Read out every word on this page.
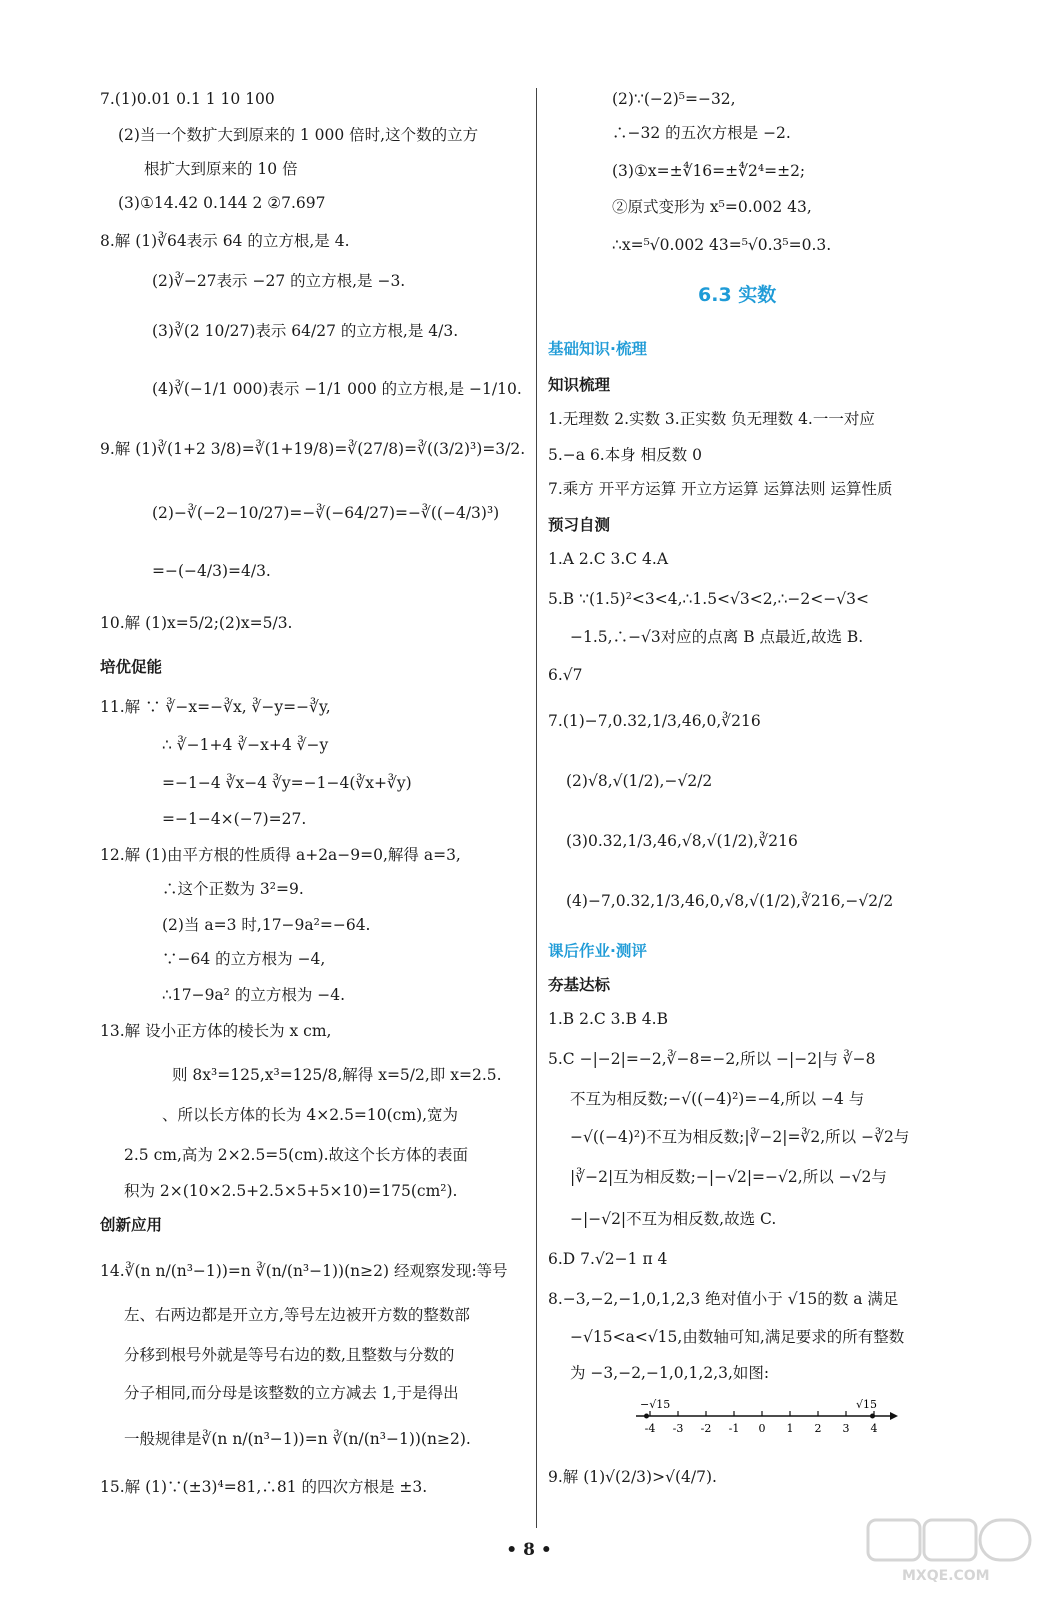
7.(1)0.01 0.1 1 10 100
(2)当一个数扩大到原来的 1 000 倍时,这个数的立方
根扩大到原来的 10 倍
(3)①14.42 0.144 2 ②7.697
8.解 (1)∛64表示 64 的立方根,是 4.
(2)∛−27表示 −27 的立方根,是 −3.
(3)∛(2 10/27)表示 64/27 的立方根,是 4/3.
(4)∛(−1/1 000)表示 −1/1 000 的立方根,是 −1/10.
9.解 (1)∛(1+2 3/8)=∛(1+19/8)=∛(27/8)=∛((3/2)³)=3/2.
(2)−∛(−2−10/27)=−∛(−64/27)=−∛((−4/3)³)
=−(−4/3)=4/3.
10.解 (1)x=5/2;(2)x=5/3.
培优促能
11.解 ∵ ∛−x=−∛x, ∛−y=−∛y,
∴ ∛−1+4 ∛−x+4 ∛−y
=−1−4 ∛x−4 ∛y=−1−4(∛x+∛y)
=−1−4×(−7)=27.
12.解 (1)由平方根的性质得 a+2a−9=0,解得 a=3,
∴这个正数为 3²=9.
(2)当 a=3 时,17−9a²=−64.
∵−64 的立方根为 −4,
∴17−9a² 的立方根为 −4.
13.解 设小正方体的棱长为 x cm,
则 8x³=125,x³=125/8,解得 x=5/2,即 x=2.5.
、所以长方体的长为 4×2.5=10(cm),宽为
2.5 cm,高为 2×2.5=5(cm).故这个长方体的表面
积为 2×(10×2.5+2.5×5+5×10)=175(cm²).
创新应用
14.∛(n n/(n³−1))=n ∛(n/(n³−1))(n≥2) 经观察发现:等号
左、右两边都是开立方,等号左边被开方数的整数部
分移到根号外就是等号右边的数,且整数与分数的
分子相同,而分母是该整数的立方减去 1,于是得出
一般规律是∛(n n/(n³−1))=n ∛(n/(n³−1))(n≥2).
15.解 (1)∵(±3)⁴=81,∴81 的四次方根是 ±3.
6.3 实数
-4 -3 -2 -1 0 1 2 3 4
−√15	√15
(2)∵(−2)⁵=−32,
∴−32 的五次方根是 −2.
(3)①x=±∜16=±∜2⁴=±2;
②原式变形为 x⁵=0.002 43,
∴x=⁵√0.002 43=⁵√0.3⁵=0.3.
基础知识·梳理
知识梳理
1.无理数 2.实数 3.正实数 负无理数 4.一一对应
5.−a 6.本身 相反数 0
7.乘方 开平方运算 开立方运算 运算法则 运算性质
预习自测
1.A 2.C 3.C 4.A
5.B ∵(1.5)²<3<4,∴1.5<√3<2,∴−2<−√3<
−1.5,∴−√3对应的点离 B 点最近,故选 B.
6.√7
7.(1)−7,0.32,1/3,46,0,∛216
(2)√8,√(1/2),−√2/2
(3)0.32,1/3,46,√8,√(1/2),∛216
(4)−7,0.32,1/3,46,0,√8,√(1/2),∛216,−√2/2
课后作业·测评
夯基达标
1.B 2.C 3.B 4.B
5.C −|−2|=−2,∛−8=−2,所以 −|−2|与 ∛−8
不互为相反数;−√((−4)²)=−4,所以 −4 与
−√((−4)²)不互为相反数;|∛−2|=∛2,所以 −∛2与
|∛−2|互为相反数;−|−√2|=−√2,所以 −√2与
−|−√2|不互为相反数,故选 C.
6.D 7.√2−1 π 4
8.−3,−2,−1,0,1,2,3 绝对值小于 √15的数 a 满足
−√15<a<√15,由数轴可知,满足要求的所有整数
为 −3,−2,−1,0,1,2,3,如图:
9.解 (1)√(2/3)>√(4/7).
• 8 •
MXQE.COM
